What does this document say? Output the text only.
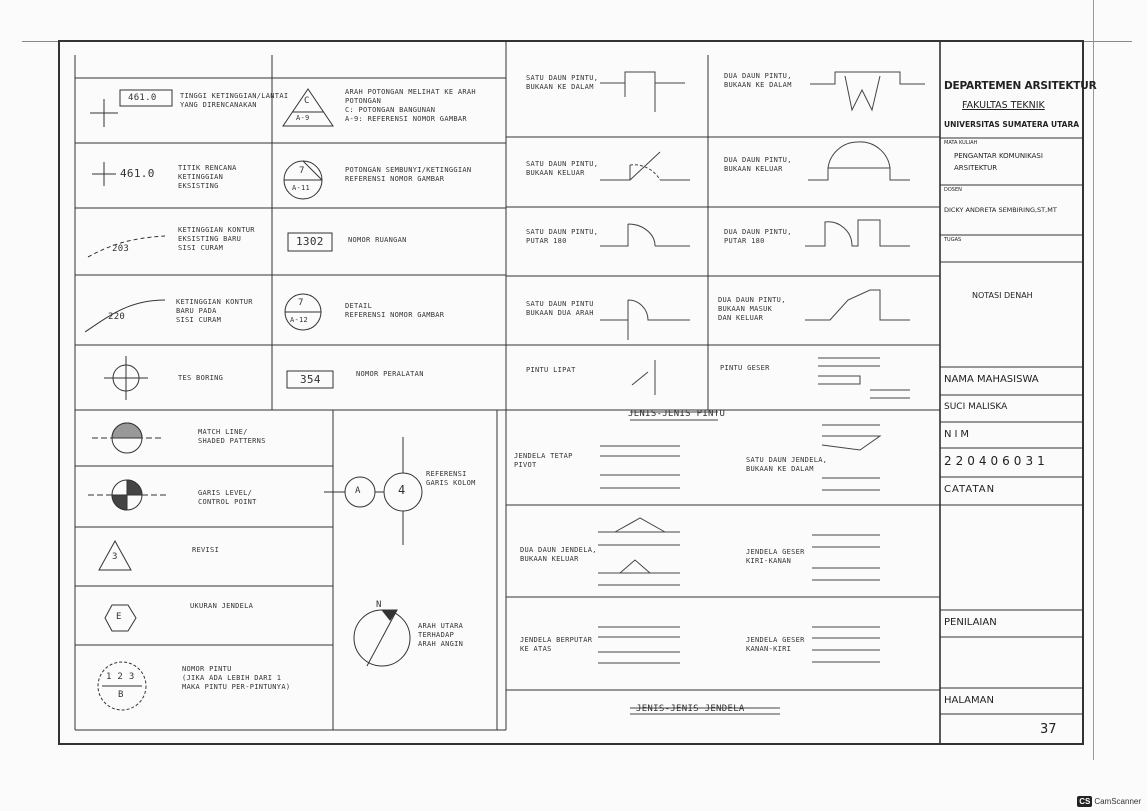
TINGGI KETINGGIAN/LANTAI
YANG DIRENCANAKAN
461.0
TITIK RENCANA
KETINGGIAN
EKSISTING
461.0
KETINGGIAN KONTUR
EKSISTING BARU
SISI CURAM
203
KETINGGIAN KONTUR
BARU PADA
SISI CURAM
220
TES BORING
MATCH LINE/
SHADED PATTERNS
GARIS LEVEL/
CONTROL POINT
REVISI
3
UKURAN JENDELA
E
NOMOR PINTU
(JIKA ADA LEBIH DARI 1
MAKA PINTU PER-PINTUNYA)
1 2 3
B
ARAH POTONGAN MELIHAT KE ARAH
POTONGAN
C: POTONGAN BANGUNAN
A-9: REFERENSI NOMOR GAMBAR
C
A-9
POTONGAN SEMBUNYI/KETINGGIAN
REFERENSI NOMOR GAMBAR
7
A-11
NOMOR RUANGAN
1302
DETAIL
REFERENSI NOMOR GAMBAR
7
A-12
NOMOR PERALATAN
354
REFERENSI
GARIS KOLOM
A	4
ARAH UTARA
TERHADAP
ARAH ANGIN
N
SATU DAUN PINTU,
BUKAAN KE DALAM
DUA DAUN PINTU,
BUKAAN KE DALAM
SATU DAUN PINTU,
BUKAAN KELUAR
DUA DAUN PINTU,
BUKAAN KELUAR
SATU DAUN PINTU,
PUTAR 180
DUA DAUN PINTU,
PUTAR 180
SATU DAUN PINTU
BUKAAN DUA ARAH
DUA DAUN PINTU,
BUKAAN MASUK
DAN KELUAR
PINTU LIPAT	PINTU GESER
JENIS-JENIS PINTU
JENDELA TETAP
PIVOT
SATU DAUN JENDELA,
BUKAAN KE DALAM
DUA DAUN JENDELA,
BUKAAN KELUAR
JENDELA GESER
KIRI-KANAN
JENDELA BERPUTAR
KE ATAS
JENDELA GESER
KANAN-KIRI
JENIS-JENIS JENDELA
DEPARTEMEN ARSITEKTUR
FAKULTAS TEKNIK
UNIVERSITAS SUMATERA UTARA
MATA KULIAH
PENGANTAR KOMUNIKASI
ARSITEKTUR
DOSEN
DICKY ANDRETA SEMBIRING,ST,MT
TUGAS
NOTASI DENAH
NAMA MAHASISWA
SUCI MALISKA
NIM
220406031
CATATAN
PENILAIAN
HALAMAN
37
CS CamScanner
